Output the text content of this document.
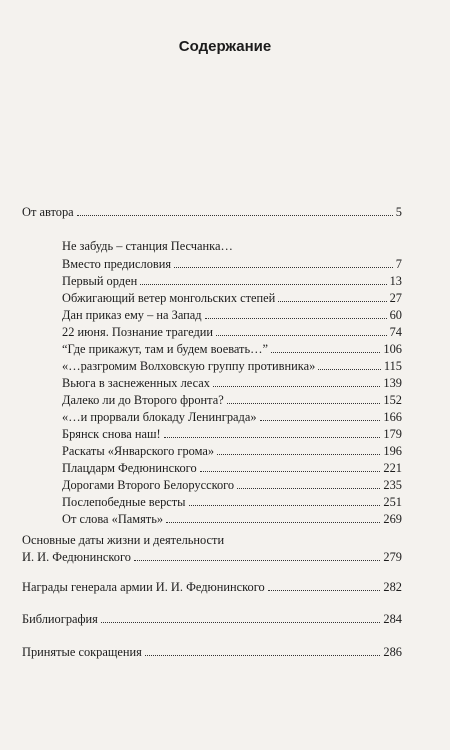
Содержание
От автора	5
Не забудь – станция Песчанка…
Вместо предисловия	7
Первый орден	13
Обжигающий ветер монгольских степей	27
Дан приказ ему – на Запад	60
22 июня. Познание трагедии	74
“Где прикажут, там и будем воевать…”	106
«…разгромим Волховскую группу противника»	115
Вьюга в заснеженных лесах	139
Далеко ли до Второго фронта?	152
«…и прорвали блокаду Ленинграда»	166
Брянск снова наш!	179
Раскаты «Январского грома»	196
Плацдарм Федюнинского	221
Дорогами Второго Белорусского	235
Послепобедные версты	251
От слова «Память»	269
Основные даты жизни и деятельности
И. И. Федюнинского	279
Награды генерала армии И. И. Федюнинского	282
Библиография	284
Принятые сокращения	286
